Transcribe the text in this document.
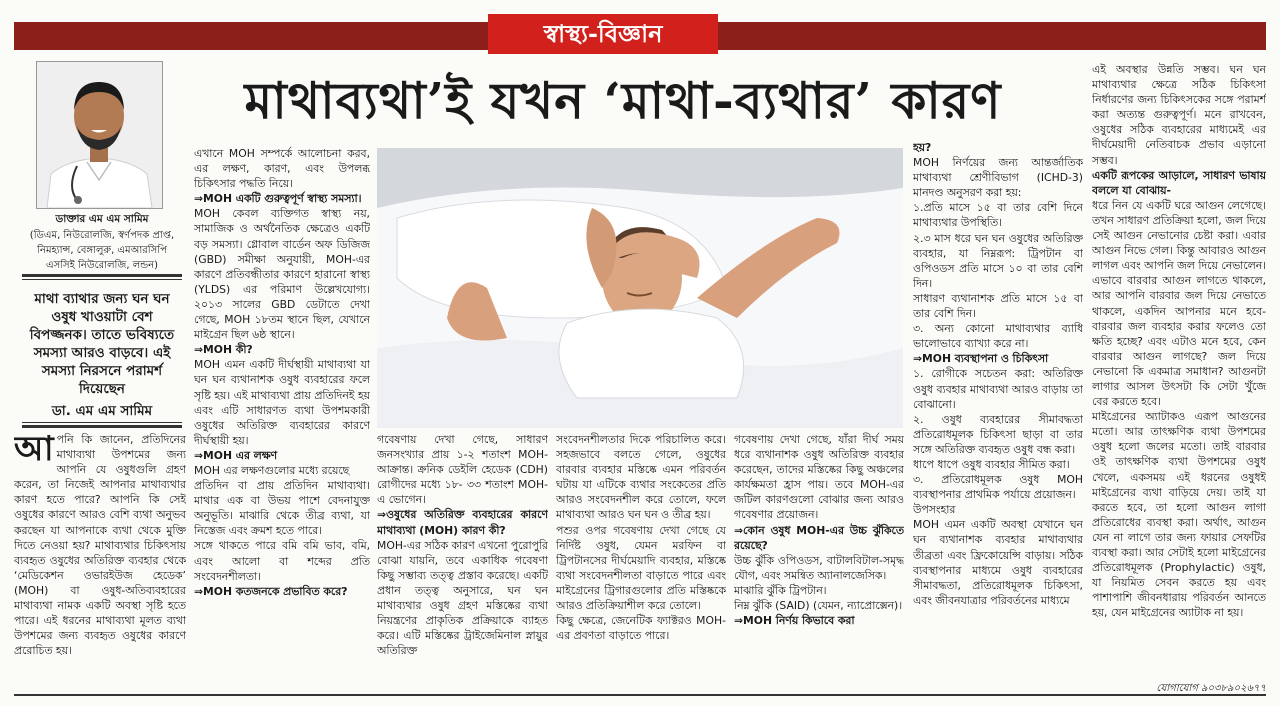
স্বাস্থ্য-বিজ্ঞান
মাথাব্যথা’ই যখন ‘মাথা-ব্যথার’ কারণ
ডাক্তার এম এম সামিম
(ডিএম, নিউরোলজি, স্বর্ণপদক প্রাপ্ত,
নিমহ্যান্স, বেঙ্গালুরু, এমআরসিপি
এসসিই নিউরোলজি, লন্ডন)
মাথা ব্যাথার জন্য ঘন ঘন ওষুধ খাওয়াটা বেশ বিপজ্জনক। তাতে ভবিষ্যতে সমস্যা আরও বাড়বে। এই সমস্যা নিরসনে পরামর্শ দিয়েছেন
ডা. এম এম সামিম
আ পনি কি জানেন, প্রতিদিনের মাথাব্যথা উপশমের জন্য আপনি যে ওষুধগুলি গ্রহণ করেন, তা নিজেই আপনার মাথাব্যথার কারণ হতে পারে? আপনি কি সেই ওষুধের কারণে আরও বেশি ব্যথা অনুভব করছেন যা আপনাকে ব্যথা থেকে মুক্তি দিতে নেওয়া হয়? মাথাব্যথার চিকিৎসায় ব্যবহৃত ওষুধের অতিরিক্ত ব্যবহার থেকে ‘মেডিকেশন ওভারইউজ হেডেক’ (MOH) বা ওষুধ-অতিব্যবহারের মাথাব্যথা নামক একটি অবস্থা সৃষ্টি হতে পারে। এই ধরনের মাথাব্যথা মূলত ব্যথা উপশমের জন্য ব্যবহৃত ওষুধের কারণে প্ররোচিত হয়।

এখানে MOH সম্পর্কে আলোচনা করব, এর লক্ষণ, কারণ, এবং উপলব্ধ চিকিৎসার পদ্ধতি নিয়ে।

⇒MOH একটি গুরুত্বপূর্ণ স্বাস্থ্য সমস্যা।

MOH কেবল ব্যক্তিগত স্বাস্থ্য নয়, সামাজিক ও অর্থনৈতিক ক্ষেত্রেও একটি বড় সমস্যা। গ্লোবাল বার্ডেন অফ ডিজিজ (GBD) সমীক্ষা অনুযায়ী, MOH-এর কারণে প্রতিবন্ধীতার কারণে হারানো স্বাস্থ্য (YLDS) এর পরিমাণ উল্লেখযোগ্য। ২০১৩ সালের GBD ডেটাতে দেখা গেছে, MOH ১৮তম স্থানে ছিল, যেখানে মাইগ্রেন ছিল ৬ষ্ঠ স্থানে।

⇒MOH কী?

MOH এমন একটি দীর্ঘস্থায়ী মাথাব্যথা যা ঘন ঘন ব্যথানাশক ওষুধ ব্যবহারের ফলে সৃষ্টি হয়। এই মাথাব্যথা প্রায় প্রতিদিনই হয় এবং এটি সাধারণত ব্যথা উপশমকারী ওষুধের অতিরিক্ত ব্যবহারের কারণে দীর্ঘস্থায়ী হয়।

⇒MOH এর লক্ষণ

MOH এর লক্ষণগুলোর মধ্যে রয়েছে

প্রতিদিন বা প্রায় প্রতিদিন মাথাব্যথা। মাথার এক বা উভয় পাশে বেদনাযুক্ত অনুভূতি। মাঝারি থেকে তীব্র ব্যথা, যা নিস্তেজ এবং ক্রমশ হতে পারে।

সঙ্গে থাকতে পারে বমি বমি ভাব, বমি, এবং আলো বা শব্দের প্রতি সংবেদনশীলতা।

⇒MOH কতজনকে প্রভাবিত করে?

গবেষণায় দেখা গেছে, সাধারণ জনসংখ্যার প্রায় ১-২ শতাংশ MOH-আক্রান্ত। ক্রনিক ডেইলি হেডেক (CDH) রোগীদের মধ্যে ১৮- ৩৩ শতাংশ MOH-এ ভোগেন।

⇒ওষুধের অতিরিক্ত ব্যবহারের কারণে মাথাব্যথা (MOH) কারণ কী?

MOH-এর সঠিক কারণ এখনো পুরোপুরি বোঝা যায়নি, তবে একাধিক গবেষণা কিছু সম্ভাব্য তত্ত্ব প্রস্তাব করেছে। একটি প্রধান তত্ত্ব অনুসারে, ঘন ঘন মাথাব্যথার ওষুধ গ্রহণ মস্তিষ্কের ব্যথা নিয়ন্ত্রণের প্রাকৃতিক প্রক্রিয়াকে ব্যাহত করে। এটি মস্তিষ্কের ট্রাইজেমিনাল স্নায়ুর অতিরিক্ত

সংবেদনশীলতার দিকে পরিচালিত করে। সহজভাবে বলতে গেলে, ওষুধের বারবার ব্যবহার মস্তিষ্কে এমন পরিবর্তন ঘটায় যা এটিকে ব্যথার সংকেতের প্রতি আরও সংবেদনশীল করে তোলে, ফলে মাথাব্যথা আরও ঘন ঘন ও তীব্র হয়।

পশুর ওপর গবেষণায় দেখা গেছে যে নির্দিষ্ট ওষুধ, যেমন মরফিন বা ট্রিপটানসের দীর্ঘমেয়াদি ব্যবহার, মস্তিষ্কে ব্যথা সংবেদনশীলতা বাড়াতে পারে এবং মাইগ্রেনের ট্রিগারগুলোর প্রতি মস্তিষ্ককে আরও প্রতিক্রিয়াশীল করে তোলে।

কিছু ক্ষেত্রে, জেনেটিক ফ্যাক্টরও MOH-এর প্রবণতা বাড়াতে পারে।

গবেষণায় দেখা গেছে, যাঁরা দীর্ঘ সময় ধরে ব্যথানাশক ওষুধ অতিরিক্ত ব্যবহার করেছেন, তাদের মস্তিষ্কের কিছু অঞ্চলের কার্যক্ষমতা হ্রাস পায়। তবে MOH-এর জটিল কারণগুলো বোঝার জন্য আরও গবেষণার প্রয়োজন।

⇒কোন ওষুধ MOH-এর উচ্চ ঝুঁকিতে রয়েছে?

উচ্চ ঝুঁকি ওপিওডস, বাটালবিটাল-সমৃদ্ধ যৌগ, এবং সমন্বিত অ্যানালজেসিক।

মাঝারি ঝুঁকি ট্রিপটান।

নিম্ন ঝুঁকি (SAID) (যেমন, ন্যাপ্রোক্সেন)।

⇒MOH নির্ণয় কিভাবে করা

হয়?

MOH নির্ণয়ের জন্য আন্তর্জাতিক মাথাব্যথা শ্রেণীবিভাগ (ICHD-3) মানদণ্ড অনুসরণ করা হয়:

১.প্রতি মাসে ১৫ বা তার বেশি দিনে মাথাব্যথার উপস্থিতি।

২.৩ মাস ধরে ঘন ঘন ওষুধের অতিরিক্ত ব্যবহার, যা নিম্নরূপ: ট্রিপটান বা ওপিওডস প্রতি মাসে ১০ বা তার বেশি দিন।

সাধারণ ব্যথানাশক প্রতি মাসে ১৫ বা তার বেশি দিন।

৩. অন্য কোনো মাথাব্যথার ব্যাধি ভালোভাবে ব্যাখ্যা করে না।

⇒MOH ব্যবস্থাপনা ও চিকিৎসা

১. রোগীকে সচেতন করা: অতিরিক্ত ওষুধ ব্যবহার মাথাব্যথা আরও বাড়ায় তা বোঝানো।

২. ওষুধ ব্যবহারের সীমাবদ্ধতা প্রতিরোধমূলক চিকিৎসা ছাড়া বা তার সঙ্গে অতিরিক্ত ব্যবহৃত ওষুধ বন্ধ করা।

ধাপে ধাপে ওষুধ ব্যবহার সীমিত করা।

৩. প্রতিরোধমূলক ওষুধ MOH ব্যবস্থাপনার প্রাথমিক পর্যায়ে প্রয়োজন।

উপসংহার

MOH এমন একটি অবস্থা যেখানে ঘন ঘন ব্যথানাশক ব্যবহার মাথাব্যথার তীব্রতা এবং ফ্রিকোয়েন্সি বাড়ায়। সঠিক ব্যবস্থাপনার মাধ্যমে ওষুধ ব্যবহারের সীমাবদ্ধতা, প্রতিরোধমূলক চিকিৎসা, এবং জীবনযাত্রার পরিবর্তনের মাধ্যমে

এই অবস্থার উন্নতি সম্ভব। ঘন ঘন মাথাব্যথার ক্ষেত্রে সঠিক চিকিৎসা নির্ধারণের জন্য চিকিৎসকের সঙ্গে পরামর্শ করা অত্যন্ত গুরুত্বপূর্ণ। মনে রাখবেন, ওষুধের সঠিক ব্যবহারের মাধ্যমেই এর দীর্ঘমেয়াদী নেতিবাচক প্রভাব এড়ানো সম্ভব।

একটি রূপকের আড়ালে, সাধারণ ভাষায় বললে যা বোঝায়-

ধরে নিন যে একটি ঘরে আগুন লেগেছে। তখন সাধারণ প্রতিক্রিয়া হলো, জল দিয়ে সেই আগুন নেভানোর চেষ্টা করা। এবার আগুন নিভে গেল। কিন্তু আবারও আগুন লাগল এবং আপনি জল দিয়ে নেভালেন। এভাবে বারবার আগুন লাগতে থাকলে, আর আপনি বারবার জল দিয়ে নেভাতে থাকলে, একদিন আপনার মনে হবে-বারবার জল ব্যবহার করার ফলেও তো ক্ষতি হচ্ছে? এবং এটাও মনে হবে, কেন বারবার আগুন লাগছে? জল দিয়ে নেভানো কি একমাত্র সমাধান? আগুনটা লাগার আসল উৎসটা কি সেটা খুঁজে বের করতে হবে।

মাইগ্রেনের অ্যাটাকও এরূপ আগুনের মতো। আর তাৎক্ষণিক ব্যথা উপশমের ওষুধ হলো জলের মতো। তাই বারবার ওই তাৎক্ষণিক ব্যথা উপশমের ওষুধ খেলে, একসময় এই ধরনের ওষুধই মাইগ্রেনের ব্যথা বাড়িয়ে দেয়। তাই যা করতে হবে, তা হলো আগুন লাগা প্রতিরোধের ব্যবস্থা করা। অর্থাৎ, আগুন যেন না লাগে তার জন্য ফায়ার সেফটির ব্যবস্থা করা। আর সেটাই হলো মাইগ্রেনের প্রতিরোধমূলক (Prophylactic) ওষুধ, যা নিয়মিত সেবন করতে হয় এবং পাশাপাশি জীবনধারায় পরিবর্তন আনতে হয়, যেন মাইগ্রেনের অ্যাটাক না হয়।

যোগাযোগ ৯০৩৮৯০২৬৭৭
